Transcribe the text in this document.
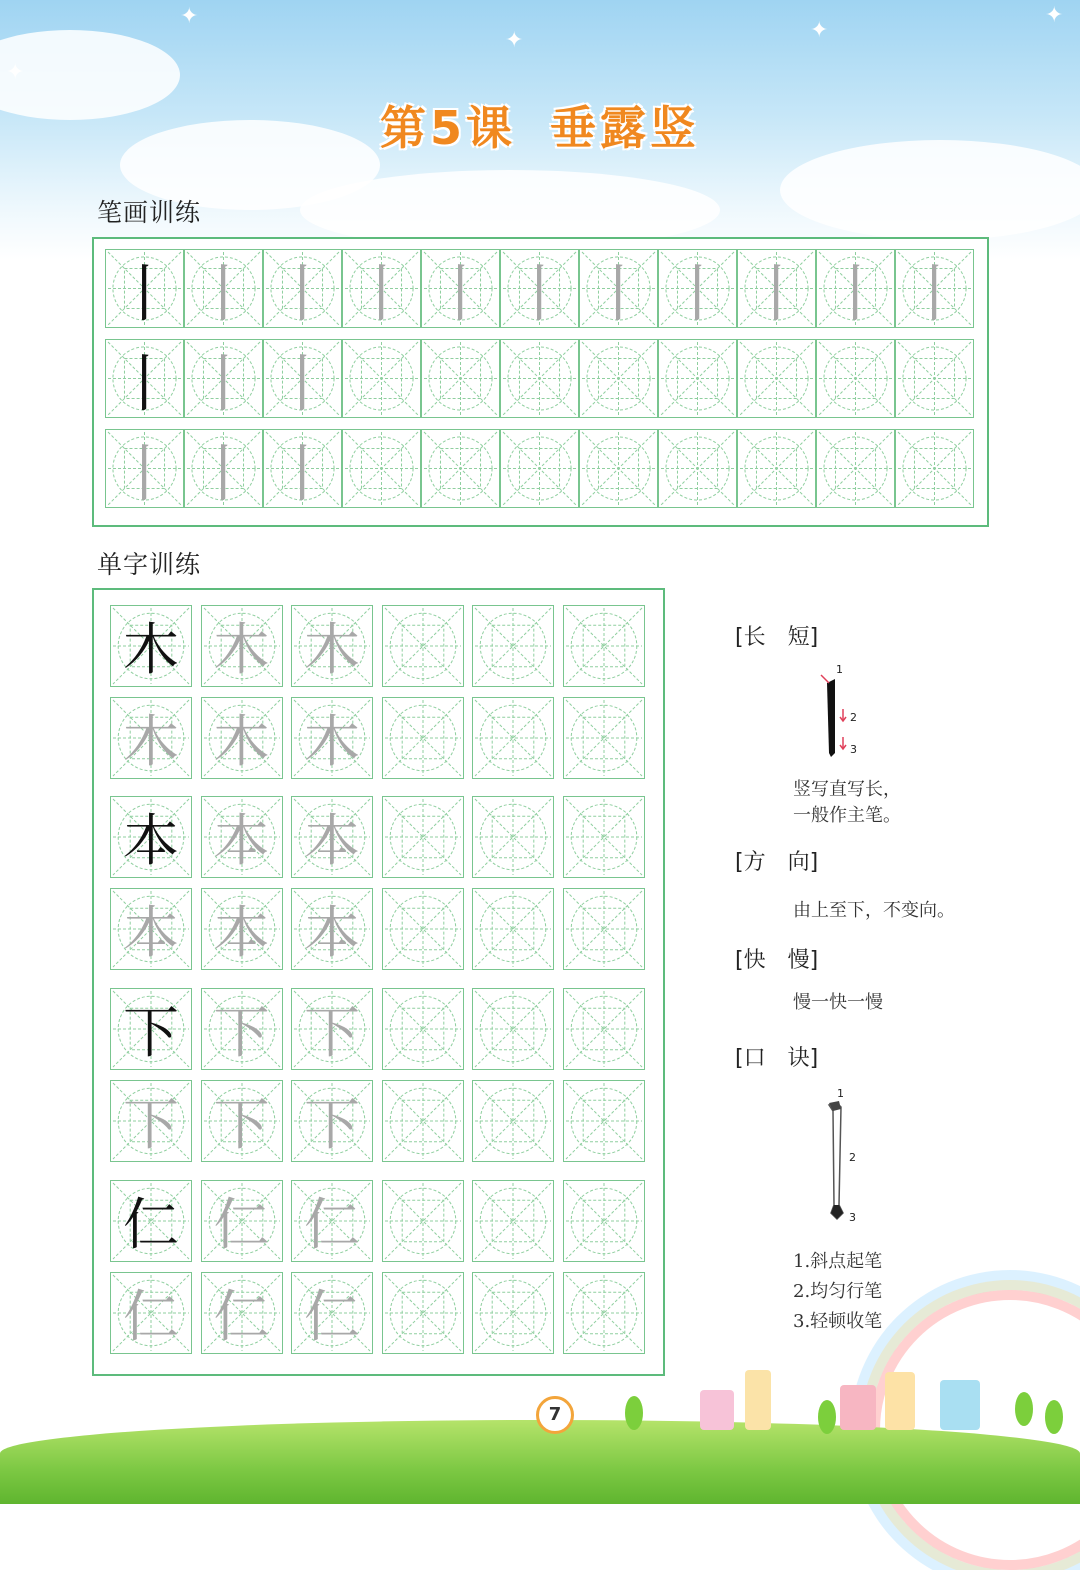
✦
✦	✦
✦
✦
第5课 垂露竖
笔画训练
单字训练
丨 丨 丨 丨 丨 丨 丨 丨 丨 丨 丨
丨 丨 丨
丨 丨 丨
木 木 木
木 木 木
本 本 本
本 本 本
下 下 下
下 下 下
仁 仁 仁
仁 仁 仁
[长　短]
1
2
3
竖写直写长，
一般作主笔。
[方　向]
由上至下，不变向。
[快　慢]
慢一快一慢
[口　诀]
1
2
3
1.斜点起笔
2.均匀行笔
3.轻顿收笔
7
